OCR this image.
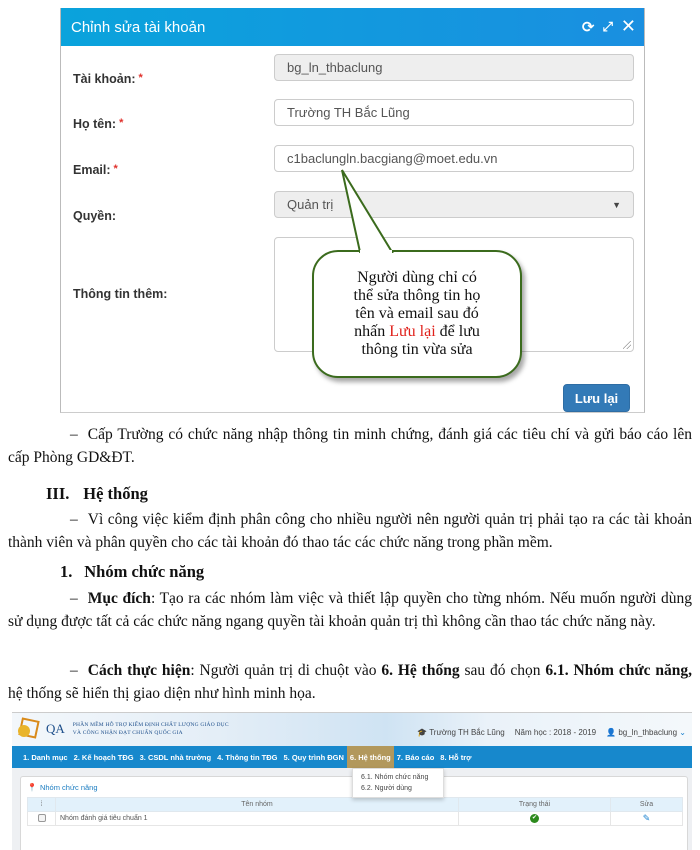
Chỉnh sửa tài khoản	⟳ ⤢ ✕
Tài khoản: *
bg_ln_thbaclung
Họ tên: *
Trường TH Bắc Lũng
Email: *
c1baclungln.bacgiang@moet.edu.vn
Quyền:
Quản trị	▼
Thông tin thêm:
Lưu lại
Người dùng chỉ có
thể sửa thông tin họ
tên và email sau đó
nhấn Lưu lại để lưu
thông tin vừa sửa

– Cấp Trường có chức năng nhập thông tin minh chứng, đánh giá các tiêu chí và gửi báo cáo lên cấp Phòng GD&ĐT.

III. Hệ thống

– Vì công việc kiểm định phân công cho nhiều người nên người quản trị phải tạo ra các tài khoản thành viên và phân quyền cho các tài khoản đó thao tác các chức năng trong phần mềm.

1. Nhóm chức năng

– Mục đích: Tạo ra các nhóm làm việc và thiết lập quyền cho từng nhóm. Nếu muốn người dùng sử dụng được tất cả các chức năng ngang quyền tài khoản quản trị thì không cần thao tác chức năng này.

– Cách thực hiện: Người quản trị di chuột vào 6. Hệ thống sau đó chọn 6.1. Nhóm chức năng, hệ thống sẽ hiển thị giao diện như hình minh họa.

QA PHẦN MỀM HỖ TRỢ KIỂM ĐỊNH CHẤT LƯỢNG GIÁO DỤC
VÀ CÔNG NHẬN ĐẠT CHUẨN QUỐC GIA	🎓 Trường TH Bắc Lũng Năm học : 2018 - 2019 👤 bg_ln_thbaclung ⌄
1. Danh mục 2. Kế hoạch TĐG 3. CSDL nhà trường 4. Thông tin TĐG 5. Quy trình ĐGN 6. Hệ thống 7. Báo cáo 8. Hỗ trợ
📍 Nhóm chức năng
⁞	Tên nhóm	Trạng thái	Sửa
	Nhóm đánh giá tiêu chuẩn 1	✔	✎
6.1. Nhóm chức năng
6.2. Người dùng
